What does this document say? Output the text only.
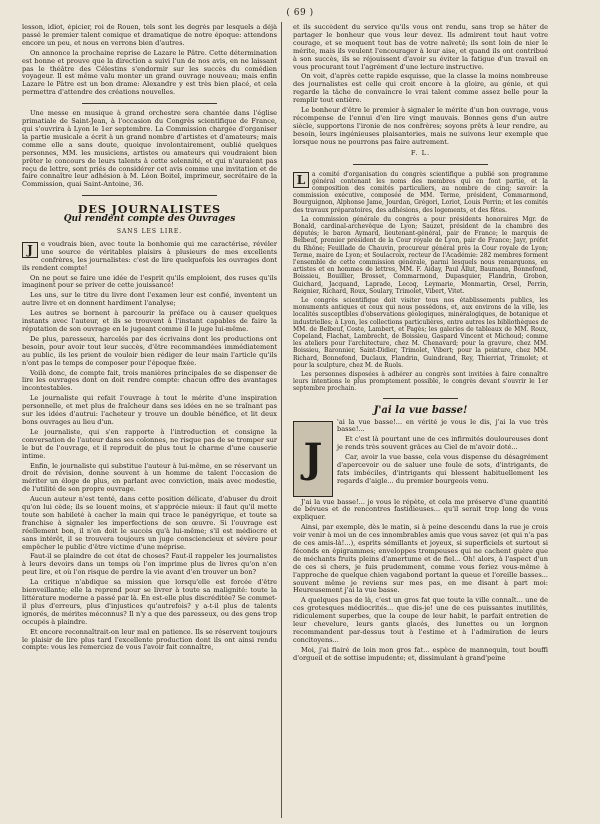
( 69 )

lesson, idiot, épicier, roi de Rouen, tels sont les degrés par lesquels a déjà passé le premier talent comique et dramatique de notre époque: attendons encore un peu, et nous en verrons bien d'autres.

On annonce la prochaine reprise de Lazare le Pâtre. Cette détermination est bonne et prouve que la direction a suivi l'un de nos avis, en ne laissant pas le théâtre des Célestins s'endormir sur les succès du comédien voyageur. Il est même valu monter un grand ouvrage nouveau; mais enfin Lazare le Pâtre est un bon drame: Alexandre y est très bien placé, et cela permettra d'attendre des créations nouvelles.

Une messe en musique à grand orchestre sera chantée dans l'église primatiale de Saint-Jean, à l'occasion du Congrès scientifique de France, qui s'ouvrira à Lyon le 1er septembre. La Commission chargée d'organiser la partie musicale a écrit à un grand nombre d'artistes et d'amateurs; mais comme elle a sans doute, quoique involontairement, oublié quelques personnes, MM. les musiciens, artistes ou amateurs qui voudraient bien prêter le concours de leurs talents à cette solennité, et qui n'auraient pas reçu de lettre, sont priés de considérer cet avis comme une invitation et de faire connaître leur adhésion à M. Léon Boitel, imprimeur, secrétaire de la Commission, quai Saint-Antoine, 36.

DES JOURNALISTES
Qui rendent compte des Ouvrages
SANS LES LIRE.
J	e voudrais bien, avec toute la bonhomie qui me caractérise, révéler une source de véritables plaisirs à plusieurs de mes excellents confrères, les journalistes: c'est de lire quelquefois les ouvrages dont ils rendent compte!

On ne peut se faire une idée de l'esprit qu'ils emploient, des ruses qu'ils imaginent pour se priver de cette jouissance!

Les uns, sur le titre du livre dont l'examen leur est confié, inventent un autre livre et en donnent hardiment l'analyse;

Les autres se bornent à parcourir la préface ou à causer quelques instants avec l'auteur, et ils se trouvent à l'instant capables de faire la réputation de son ouvrage en le jugeant comme il le juge lui-même.

De plus, paresseux, harcelés par des écrivains dont les productions ont besoin, pour avoir tout leur succès, d'être recommandées immédiatement au public, ils les prient de vouloir bien rédiger de leur main l'article qu'ils n'ont pas le temps de composer pour l'époque fixée.

Voilà donc, de compte fait, trois manières principales de se dispenser de lire les ouvrages dont on doit rendre compte: chacun offre des avantages incontestables.

Le journaliste qui refait l'ouvrage à tout le mérite d'une inspiration personnelle, et met plus de fraîcheur dans ses idées en ne se traînant pas sur les idées d'autrui: l'acheteur y trouve un double bénéfice, et lit deux bons ouvrages au lieu d'un.

Le journaliste, qui s'en rapporte à l'introduction et consigne la conversation de l'auteur dans ses colonnes, ne risque pas de se tromper sur le but de l'ouvrage, et il reproduit de plus tout le charme d'une causerie intime.

Enfin, le journaliste qui substitue l'auteur à lui-même, en se réservant un droit de révision, donne souvent à un homme de talent l'occasion de mériter un éloge de plus, en parlant avec conviction, mais avec modestie, de l'utilité de son propre ouvrage.

Aucun auteur n'est tenté, dans cette position délicate, d'abuser du droit qu'on lui cède; ils se louent moins, et s'apprécie mieux: il faut qu'il mette toute son habileté à cacher la main qui trace le panégyrique, et toute sa franchise à signaler les imperfections de son œuvre. Si l'ouvrage est réellement bon, il n'en doit le succès qu'à lui-même; s'il est médiocre et sans intérêt, il se trouvera toujours un juge consciencieux et sévère pour empêcher le public d'être victime d'une méprise.

Faut-il se plaindre de cet état de choses? Faut-il rappeler les journalistes à leurs devoirs dans un temps où l'on imprime plus de livres qu'on n'en peut lire, et où l'on risque de perdre la vie avant d'en trouver un bon?

La critique n'abdique sa mission que lorsqu'elle est forcée d'être bienveillante; elle la reprend pour se livrer à toute sa malignité: toute la littérature moderne a passé par là. En est-elle plus discréditée? Se commet-il plus d'erreurs, plus d'injustices qu'autrefois? y a-t-il plus de talents ignorés, de mérites méconnus? Il n'y a que des paresseux, ou des gens trop occupés à plaindre.

Et encore reconnaîtrait-on leur mal en patience. Ils se réservent toujours le plaisir de lire plus tard l'excellente production dont ils ont ainsi rendu compte: vous les remerciez de vous l'avoir fait connaître,

et ils succèdent du service qu'ils vous ont rendu, sans trop se hâter de partager le bonheur que vous leur devez. Ils admirent tout haut votre courage, et se moquent tout bas de votre naïveté; ils sont loin de nier le mérite, mais ils veulent l'encourager à leur aise, et quand ils ont contribué à son succès, ils se réjouissent d'avoir su éviter la fatigue d'un travail en vous procurant tout l'agrément d'une lecture instructive.

On voit, d'après cette rapide esquisse, que la classe la moins nombreuse des journalistes est celle qui croit encore à la gloire, au génie, et qui regarde la tâche de convaincre le vrai talent comme assez belle pour la remplir tout entière.

Le bonheur d'être le premier à signaler le mérite d'un bon ouvrage, vous récompense de l'ennui d'en lire vingt mauvais. Bonnes gens d'un autre siècle, supportons l'ironie de nos confrères; soyons prêts à leur rendre, au besoin, leurs ingénieuses plaisanteries, mais ne suivons leur exemple que lorsque nous ne pourrons pas faire autrement.

F. L.
L	a comité d'organisation du congrès scientifique a publié son programme général contenant les noms des membres qui en font partie, et la composition des comités particuliers, au nombre de cinq; savoir: la commission exécutive, composée de MM. Terme, président, Commarmond, Bourguignon, Alphonse Jame, Jourdan, Grégori, Loriot, Louis Perrin; et les comités des travaux préparatoires, des adhésions, des logements, et des fêtes.

La commission générale du congrès a pour présidents honoraires Mgr. de Bonald, cardinal-archevêque de Lyon; Sauzet, président de la chambre des députés; le baron Aymard, lieutenant-général, pair de France; le marquis de Belbeuf, premier président de la Cour royale de Lyon, pair de France; Jayr, préfet du Rhône; Feuillade de Chauvin, procureur général près la Cour royale de Lyon; Terme, maire de Lyon; et Soulacroix, recteur de l'Académie: 282 membres forment l'ensemble de cette commission générale, parmi lesquels nous remarquons, en artistes et en hommes de lettres, MM. F. Aiday, Paul Allut, Baumann, Bonnefond, Boissieu, Bouillier, Brosset, Commarmond, Dupasquier, Flandrin, Grobon, Guichard, Jacquand, Laprade, Lecoq, Leymarie, Monmartin, Orsel, Perrin, Reignier, Richard, Roux, Soulary, Trimolet, Vibert, Vitet.

Le congrès scientifique doit visiter tous nos établissements publics, les monuments antiques et ceux qui nous possédons, et, aux environs de la ville, les localités susceptibles d'observations géologiques, minéralogiques, de botanique et industrielles; à Lyon, les collections particulières, entre autres les bibliothèques de MM. de Belbeuf, Coste, Lambert, et Pagès; les galeries de tableaux de MM. Roux, Copeland, Flachat, Lambrecht, de Boissieu, Gaspard Vincent et Michoud; comme les ateliers pour l'architecture, chez M. Chenavard; pour la gravure, chez MM. Boissieu, Baronnier, Saint-Didier, Trimolet, Vibert; pour la peinture, chez MM. Richard, Bonnefond, Duclaux, Flandrin, Guindrand, Rey, Thierriat, Trimolet; et pour la sculpture, chez M. de Ruols.

Les personnes disposées à adhérer au congrès sont invitées à faire connaître leurs intentions le plus promptement possible, le congrès devant s'ouvrir le 1er septembre prochain.

J'ai la vue basse!
J

'ai la vue basse!... en vérité je vous le dis, j'ai la vue très basse!...

Et c'est là pourtant une de ces infirmités douloureuses dont je rends très souvent grâces au Ciel de m'avoir doté...

Car, avoir la vue basse, cela vous dispense du désagrément d'apercevoir ou de saluer une foule de sots, d'intrigants, de fats imbéciles, d'intrigants qui blessent habituellement les regards d'aigle... du premier bourgeois venu.

J'ai la vue basse!... je vous le répète, et cela me préserve d'une quantité de bévues et de rencontres fastidieuses... qu'il serait trop long de vous expliquer.

Ainsi, par exemple, dès le matin, si à peine descendu dans la rue je crois voir venir à moi un de ces innombrables amis que vous savez (et qui n'a pas de ces amis-là!...), esprits sémillants et joyeux, si superficiels et surtout si féconds en épigrammes; enveloppes trompeuses qui ne cachent guère que de méchants fruits pleins d'amertume et de fiel... Oh! alors, à l'aspect d'un de ces si chers, je fuis prudemment, comme vous feriez vous-même à l'approche de quelque chien vagabond portant la queue et l'oreille basses... souvent même je reviens sur mes pas, en me disant à part moi: Heureusement j'ai la vue basse.

A quelques pas de là, c'est un gros fat que toute la ville connaît... une de ces grotesques médiocrités... que dis-je! une de ces puissantes inutilités, ridiculement superbes, que la coupe de leur habit, le parfait entretien de leur chevelure, leurs gants glacés, des lunettes ou un lorgnon recommandent par-dessus tout à l'estime et à l'admiration de leurs concitoyens...

Moi, j'ai flairé de loin mon gros fat... espèce de mannequin, tout bouffi d'orgueil et de sottise impudente; et, dissimulant à grand'peine
